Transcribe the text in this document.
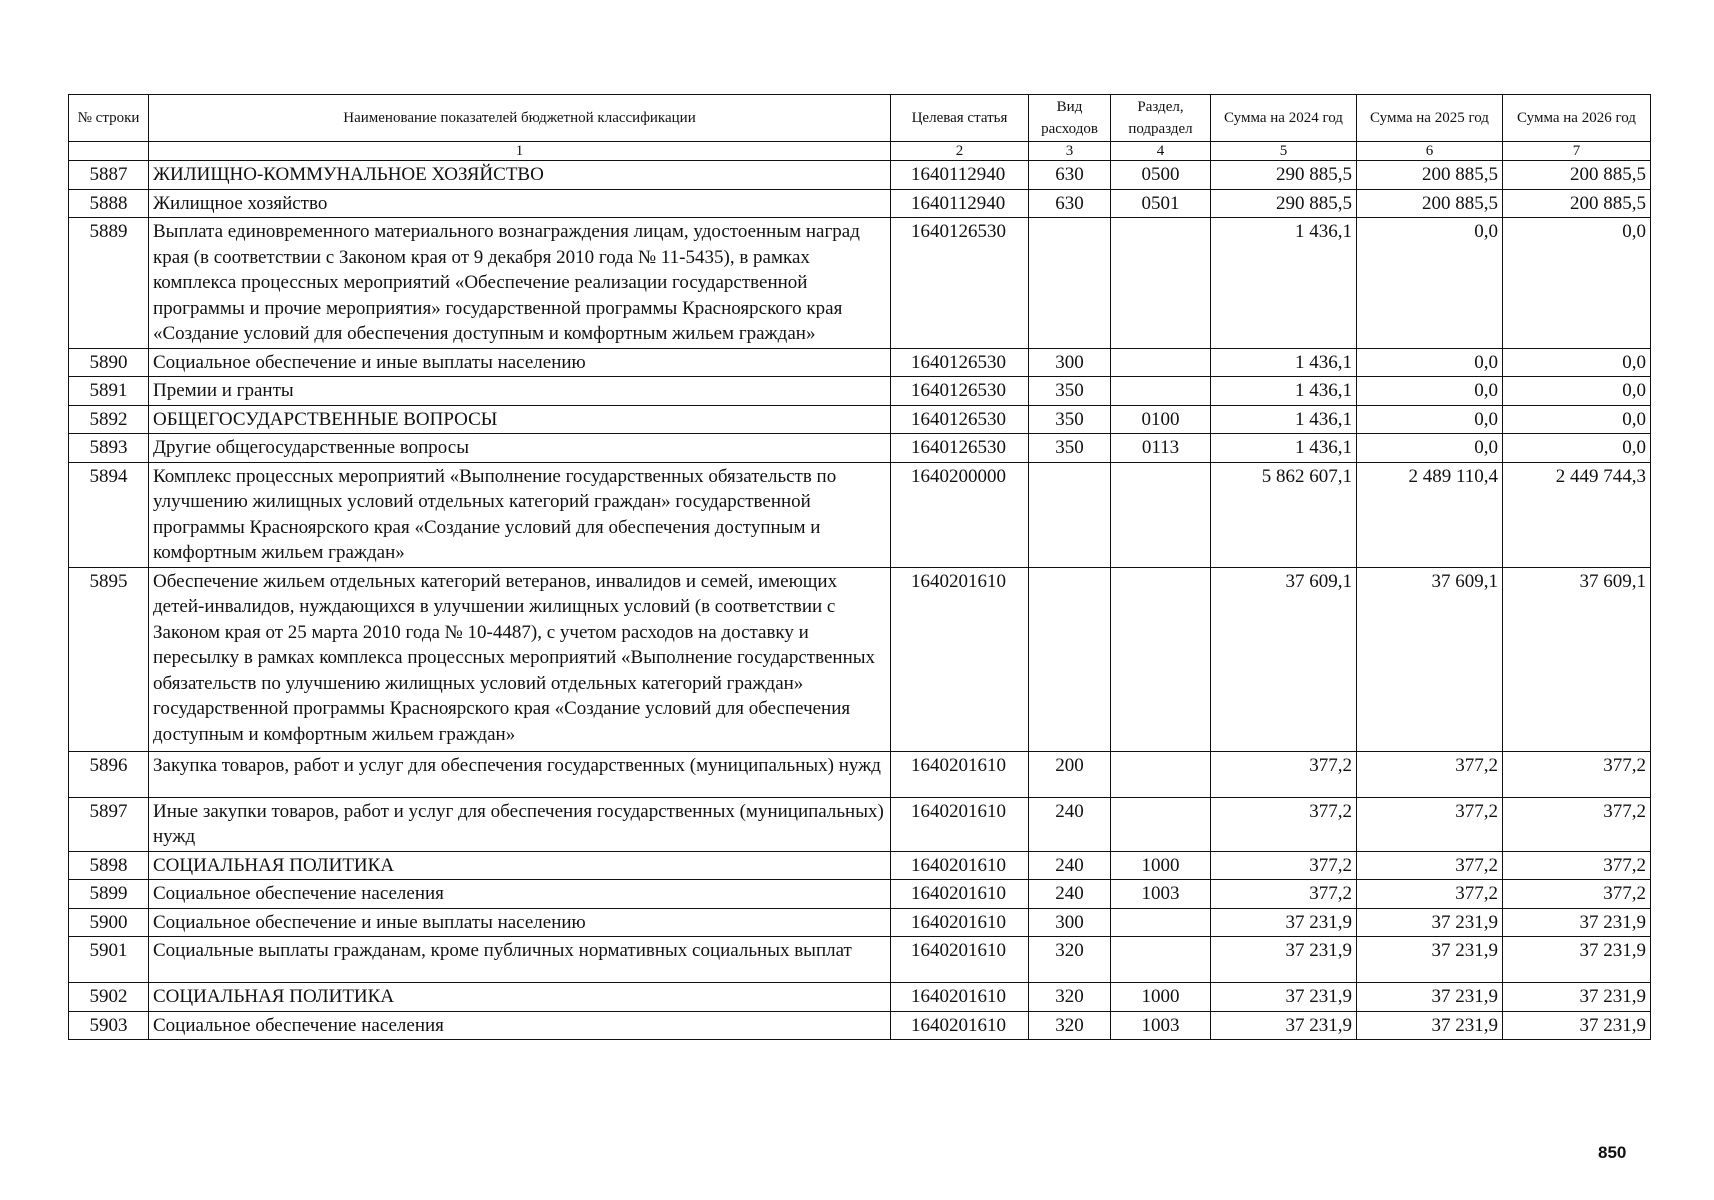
№ строки	Наименование показателей бюджетной классификации	Целевая статья	Вид расходов	Раздел, подраздел	Сумма на 2024 год	Сумма на 2025 год	Сумма на 2026 год
	1	2	3	4	5	6	7
5887	ЖИЛИЩНО-КОММУНАЛЬНОЕ ХОЗЯЙСТВО	1640112940	630	0500	290 885,5	200 885,5	200 885,5
5888	Жилищное хозяйство	1640112940	630	0501	290 885,5	200 885,5	200 885,5
5889	Выплата единовременного материального вознаграждения лицам, удостоенным наград края (в соответствии с Законом края от 9 декабря 2010 года № 11-5435), в рамках комплекса процессных мероприятий «Обеспечение реализации государственной программы и прочие мероприятия» государственной программы Красноярского края «Создание условий для обеспечения доступным и комфортным жильем граждан»	1640126530			1 436,1	0,0	0,0
5890	Социальное обеспечение и иные выплаты населению	1640126530	300		1 436,1	0,0	0,0
5891	Премии и гранты	1640126530	350		1 436,1	0,0	0,0
5892	ОБЩЕГОСУДАРСТВЕННЫЕ ВОПРОСЫ	1640126530	350	0100	1 436,1	0,0	0,0
5893	Другие общегосударственные вопросы	1640126530	350	0113	1 436,1	0,0	0,0
5894	Комплекс процессных мероприятий «Выполнение государственных обязательств по улучшению жилищных условий отдельных категорий граждан» государственной программы Красноярского края «Создание условий для обеспечения доступным и комфортным жильем граждан»	1640200000			5 862 607,1	2 489 110,4	2 449 744,3
5895	Обеспечение жильем отдельных категорий ветеранов, инвалидов и семей, имеющих детей-инвалидов, нуждающихся в улучшении жилищных условий (в соответствии с Законом края от 25 марта 2010 года № 10-4487), с учетом расходов на доставку и пересылку в рамках комплекса процессных мероприятий «Выполнение государственных обязательств по улучшению жилищных условий отдельных категорий граждан» государственной программы Красноярского края «Создание условий для обеспечения доступным и комфортным жильем граждан»	1640201610			37 609,1	37 609,1	37 609,1
5896	Закупка товаров, работ и услуг для обеспечения государственных (муниципальных) нужд	1640201610	200		377,2	377,2	377,2
5897	Иные закупки товаров, работ и услуг для обеспечения государственных (муниципальных) нужд	1640201610	240		377,2	377,2	377,2
5898	СОЦИАЛЬНАЯ ПОЛИТИКА	1640201610	240	1000	377,2	377,2	377,2
5899	Социальное обеспечение населения	1640201610	240	1003	377,2	377,2	377,2
5900	Социальное обеспечение и иные выплаты населению	1640201610	300		37 231,9	37 231,9	37 231,9
5901	Социальные выплаты гражданам, кроме публичных нормативных социальных выплат	1640201610	320		37 231,9	37 231,9	37 231,9
5902	СОЦИАЛЬНАЯ ПОЛИТИКА	1640201610	320	1000	37 231,9	37 231,9	37 231,9
5903	Социальное обеспечение населения	1640201610	320	1003	37 231,9	37 231,9	37 231,9
850
